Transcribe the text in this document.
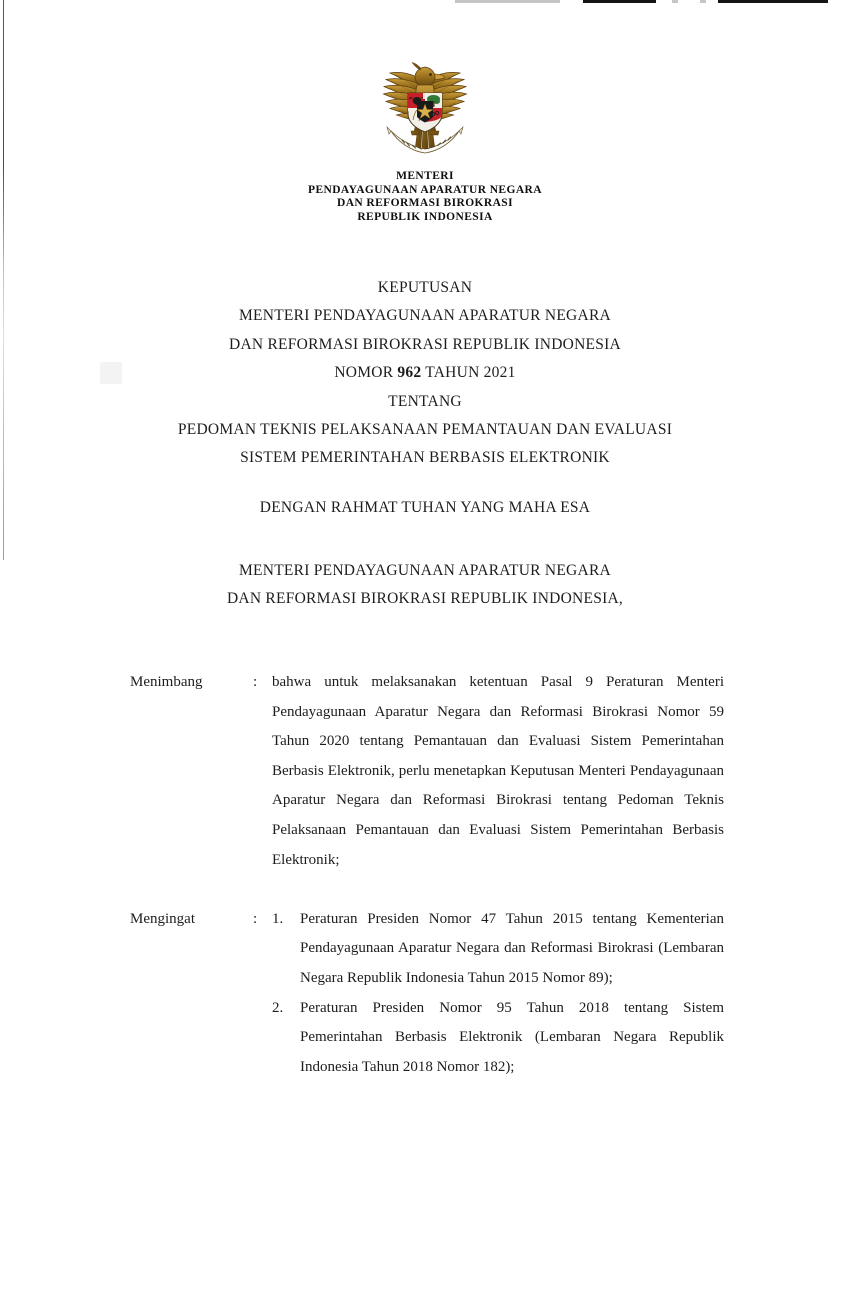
MENTERI
PENDAYAGUNAAN APARATUR NEGARA
DAN REFORMASI BIROKRASI
REPUBLIK INDONESIA
KEPUTUSAN
MENTERI PENDAYAGUNAAN APARATUR NEGARA
DAN REFORMASI BIROKRASI REPUBLIK INDONESIA
NOMOR 962 TAHUN 2021
TENTANG
PEDOMAN TEKNIS PELAKSANAAN PEMANTAUAN DAN EVALUASI
SISTEM PEMERINTAHAN BERBASIS ELEKTRONIK
DENGAN RAHMAT TUHAN YANG MAHA ESA
MENTERI PENDAYAGUNAAN APARATUR NEGARA
DAN REFORMASI BIROKRASI REPUBLIK INDONESIA,
Menimbang	: bahwa untuk melaksanakan ketentuan Pasal 9 Peraturan Menteri Pendayagunaan Aparatur Negara dan Reformasi Birokrasi Nomor 59 Tahun 2020 tentang Pemantauan dan Evaluasi Sistem Pemerintahan Berbasis Elektronik, perlu menetapkan Keputusan Menteri Pendayagunaan Aparatur Negara dan Reformasi Birokrasi tentang Pedoman Teknis Pelaksanaan Pemantauan dan Evaluasi Sistem Pemerintahan Berbasis Elektronik;

Mengingat	: 1.	Peraturan Presiden Nomor 47 Tahun 2015 tentang Kementerian Pendayagunaan Aparatur Negara dan Reformasi Birokrasi (Lembaran Negara Republik Indonesia Tahun 2015 Nomor 89);
2.	Peraturan Presiden Nomor 95 Tahun 2018 tentang Sistem Pemerintahan Berbasis Elektronik (Lembaran Negara Republik Indonesia Tahun 2018 Nomor 182);
